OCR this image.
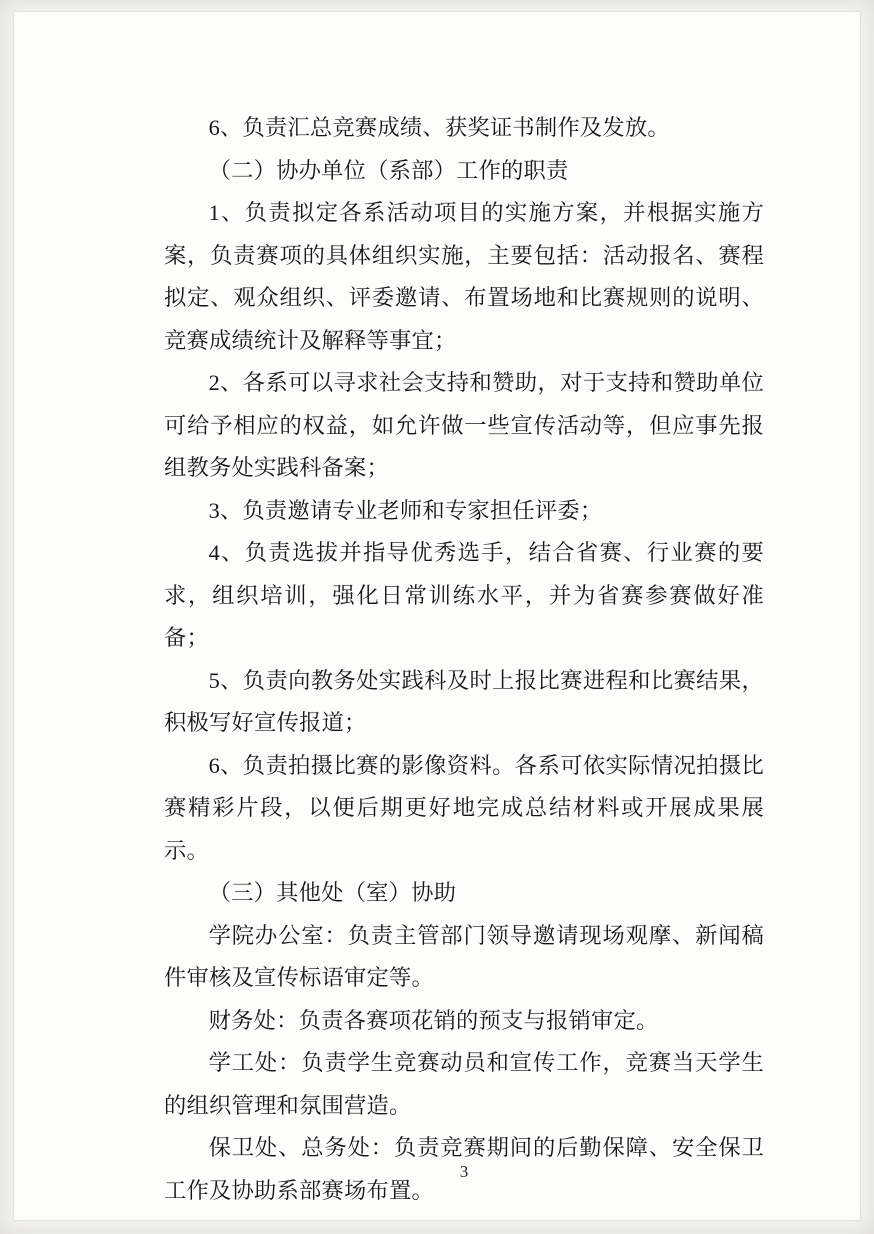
6、负责汇总竞赛成绩、获奖证书制作及发放。

（二）协办单位（系部）工作的职责

1、负责拟定各系活动项目的实施方案，并根据实施方案，负责赛项的具体组织实施，主要包括：活动报名、赛程拟定、观众组织、评委邀请、布置场地和比赛规则的说明、竞赛成绩统计及解释等事宜；

2、各系可以寻求社会支持和赞助，对于支持和赞助单位可给予相应的权益，如允许做一些宣传活动等，但应事先报组教务处实践科备案；

3、负责邀请专业老师和专家担任评委；

4、负责选拔并指导优秀选手，结合省赛、行业赛的要求，组织培训，强化日常训练水平，并为省赛参赛做好准备；

5、负责向教务处实践科及时上报比赛进程和比赛结果，积极写好宣传报道；

6、负责拍摄比赛的影像资料。各系可依实际情况拍摄比赛精彩片段，以便后期更好地完成总结材料或开展成果展示。

（三）其他处（室）协助

学院办公室：负责主管部门领导邀请现场观摩、新闻稿件审核及宣传标语审定等。

财务处：负责各赛项花销的预支与报销审定。

学工处：负责学生竞赛动员和宣传工作，竞赛当天学生的组织管理和氛围营造。

保卫处、总务处：负责竞赛期间的后勤保障、安全保卫工作及协助系部赛场布置。

3
